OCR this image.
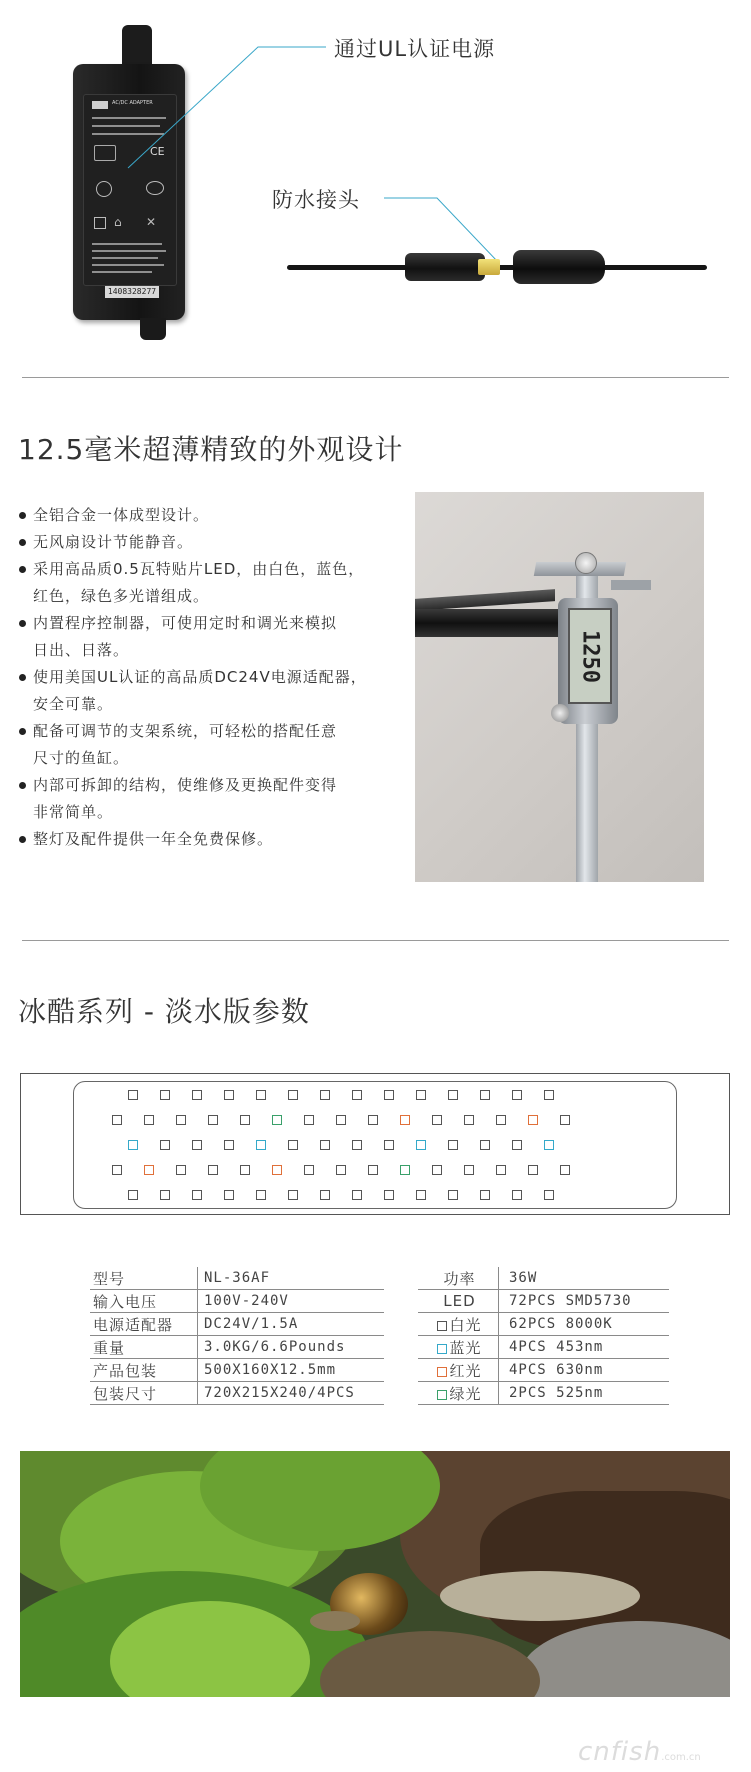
AC/DC ADAPTER
CE
⌂ ✕
1408328277
通过UL认证电源
防水接头
12.5毫米超薄精致的外观设计
全铝合金一体成型设计。
无风扇设计节能静音。
采用高品质0.5瓦特贴片LED，由白色，蓝色，
红色，绿色多光谱组成。
内置程序控制器，可使用定时和调光来模拟
日出、日落。
使用美国UL认证的高品质DC24V电源适配器，
安全可靠。
配备可调节的支架系统，可轻松的搭配任意
尺寸的鱼缸。
内部可拆卸的结构，使维修及更换配件变得
非常简单。
整灯及配件提供一年全免费保修。
1250
冰酷系列 - 淡水版参数
型号	NL-36AF
输入电压	100V-240V
电源适配器	DC24V/1.5A
重量	3.0KG/6.6Pounds
产品包装	500X160X12.5mm
包装尺寸	720X215X240/4PCS
功率	36W
LED	72PCS SMD5730
白光	62PCS 8000K
蓝光	4PCS 453nm
红光	4PCS 630nm
绿光	2PCS 525nm
cnfish.com.cn
